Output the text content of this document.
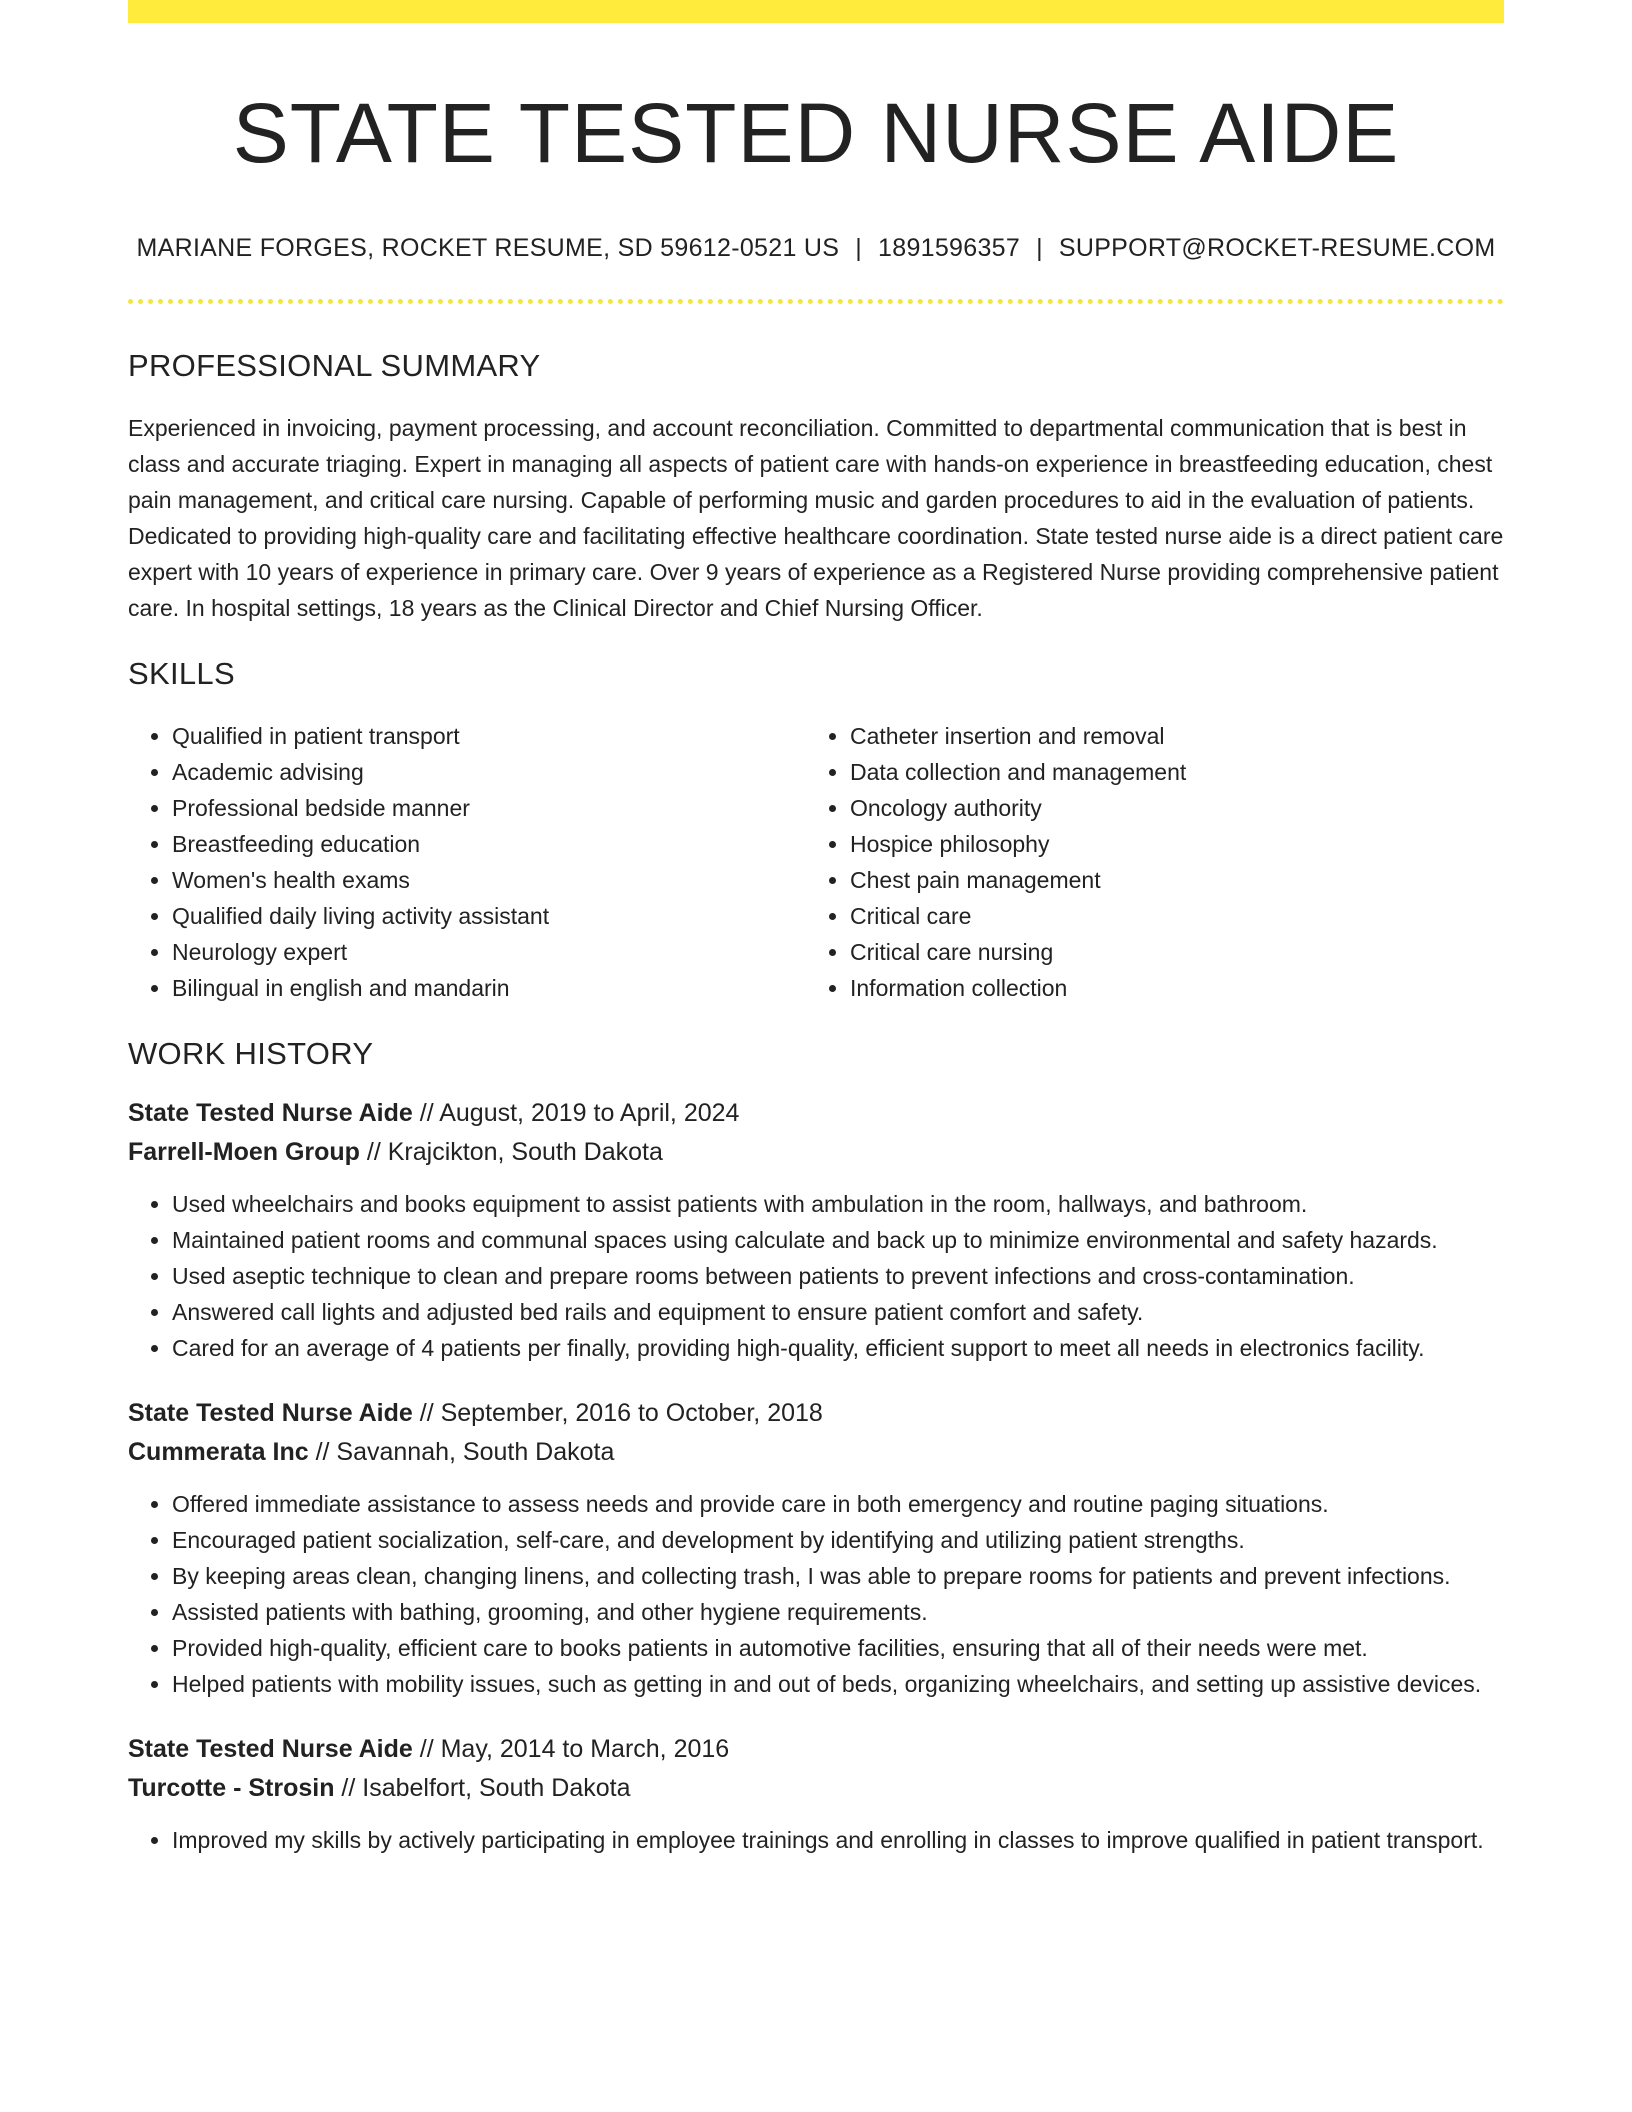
STATE TESTED NURSE AIDE
MARIANE FORGES, ROCKET RESUME, SD 59612-0521 US | 1891596357 | SUPPORT@ROCKET-RESUME.COM
PROFESSIONAL SUMMARY

Experienced in invoicing, payment processing, and account reconciliation. Committed to departmental communication that is best in class and accurate triaging. Expert in managing all aspects of patient care with hands-on experience in breastfeeding education, chest pain management, and critical care nursing. Capable of performing music and garden procedures to aid in the evaluation of patients. Dedicated to providing high-quality care and facilitating effective healthcare coordination. State tested nurse aide is a direct patient care expert with 10 years of experience in primary care. Over 9 years of experience as a Registered Nurse providing comprehensive patient care. In hospital settings, 18 years as the Clinical Director and Chief Nursing Officer.

SKILLS
• Qualified in patient transport
• Academic advising
• Professional bedside manner
• Breastfeeding education
• Women's health exams
• Qualified daily living activity assistant
• Neurology expert
• Bilingual in english and mandarin
• Catheter insertion and removal
• Data collection and management
• Oncology authority
• Hospice philosophy
• Chest pain management
• Critical care
• Critical care nursing
• Information collection
WORK HISTORY
State Tested Nurse Aide // August, 2019 to April, 2024
Farrell-Moen Group // Krajcikton, South Dakota
• Used wheelchairs and books equipment to assist patients with ambulation in the room, hallways, and bathroom.
• Maintained patient rooms and communal spaces using calculate and back up to minimize environmental and safety hazards.
• Used aseptic technique to clean and prepare rooms between patients to prevent infections and cross-contamination.
• Answered call lights and adjusted bed rails and equipment to ensure patient comfort and safety.
• Cared for an average of 4 patients per finally, providing high-quality, efficient support to meet all needs in electronics facility.
State Tested Nurse Aide // September, 2016 to October, 2018
Cummerata Inc // Savannah, South Dakota
• Offered immediate assistance to assess needs and provide care in both emergency and routine paging situations.
• Encouraged patient socialization, self-care, and development by identifying and utilizing patient strengths.
• By keeping areas clean, changing linens, and collecting trash, I was able to prepare rooms for patients and prevent infections.
• Assisted patients with bathing, grooming, and other hygiene requirements.
• Provided high-quality, efficient care to books patients in automotive facilities, ensuring that all of their needs were met.
• Helped patients with mobility issues, such as getting in and out of beds, organizing wheelchairs, and setting up assistive devices.
State Tested Nurse Aide // May, 2014 to March, 2016
Turcotte - Strosin // Isabelfort, South Dakota
• Improved my skills by actively participating in employee trainings and enrolling in classes to improve qualified in patient transport.
